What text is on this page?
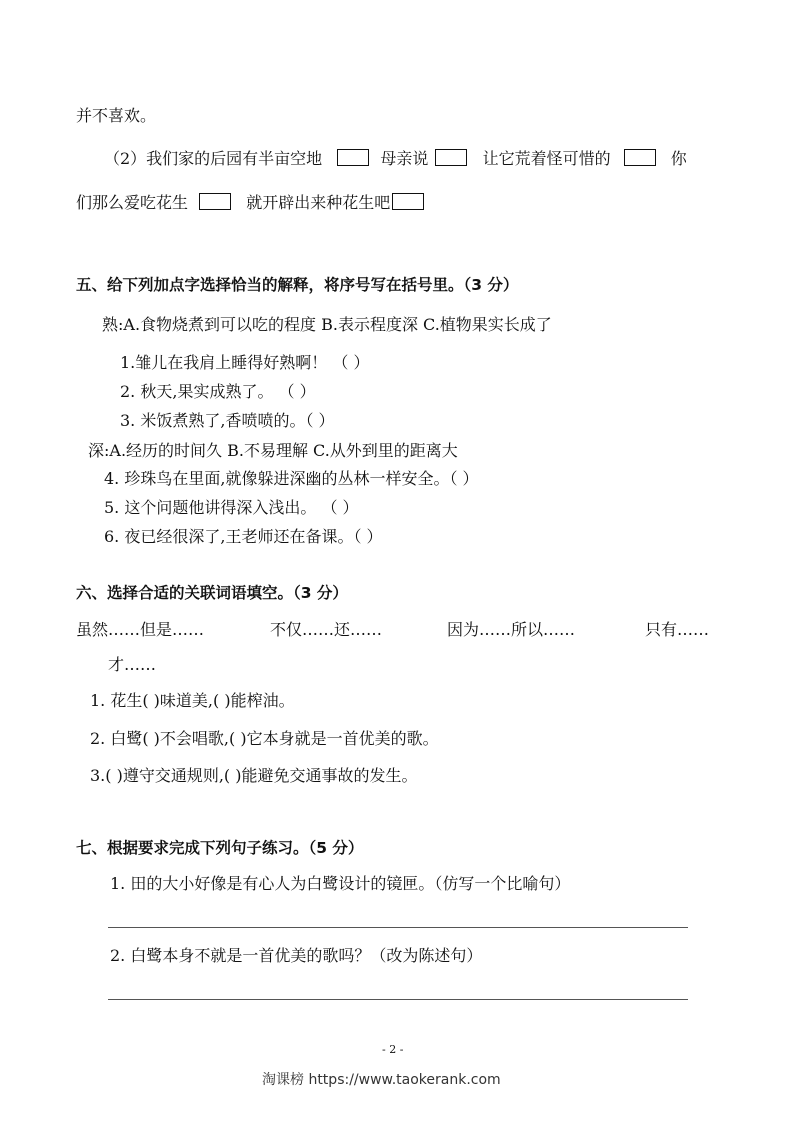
并不喜欢。
（2）我们家的后园有半亩空地	母亲说	让它荒着怪可惜的	你
们那么爱吃花生	就开辟出来种花生吧
五、给下列加点字选择恰当的解释，将序号写在括号里。（3 分）
熟:A.食物烧煮到可以吃的程度 B.表示程度深 C.植物果实长成了
1.雏儿在我肩上睡得好熟啊！ （ ）
2. 秋天,果实成熟了。 （ ）
3. 米饭煮熟了,香喷喷的。（ ）
深:A.经历的时间久 B.不易理解 C.从外到里的距离大
4. 珍珠鸟在里面,就像躲进深幽的丛林一样安全。（ ）
5. 这个问题他讲得深入浅出。 （ ）
6. 夜已经很深了,王老师还在备课。（ ）
六、选择合适的关联词语填空。（3 分）
虽然……但是……	不仅……还……	因为……所以……	只有……
才……
1. 花生( )味道美,( )能榨油。
2. 白鹭( )不会唱歌,( )它本身就是一首优美的歌。
3.( )遵守交通规则,( )能避免交通事故的发生。
七、根据要求完成下列句子练习。（5 分）
1. 田的大小好像是有心人为白鹭设计的镜匣。（仿写一个比喻句）
2. 白鹭本身不就是一首优美的歌吗？（改为陈述句）
- 2 -
淘课榜 https://www.taokerank.com
